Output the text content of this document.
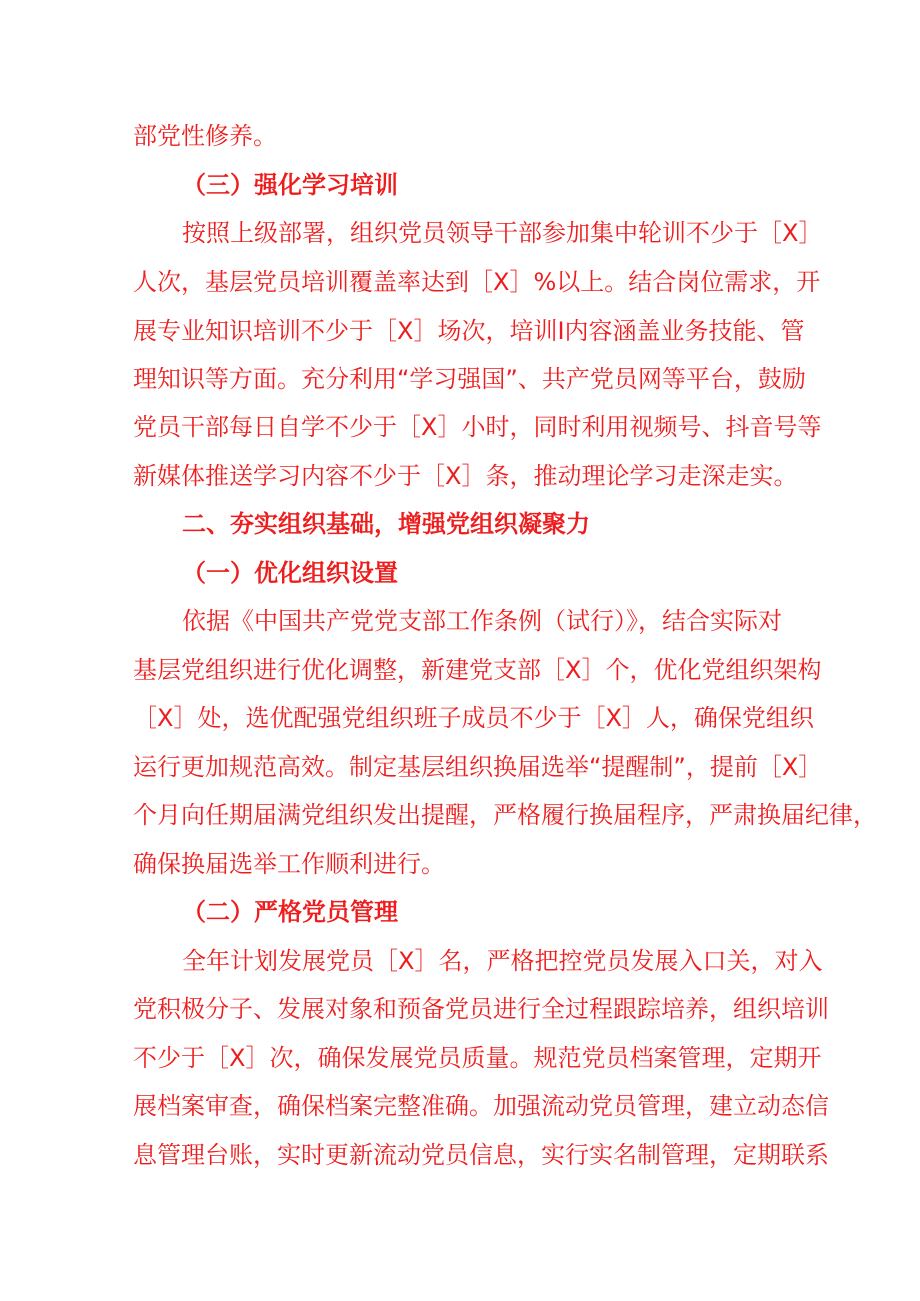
部党性修养。
（三）强化学习培训
按照上级部署，组织党员领导干部参加集中轮训不少于［X］
人次，基层党员培训覆盖率达到［X］%以上。结合岗位需求，开
展专业知识培训不少于［X］场次，培训I内容涵盖业务技能、管
理知识等方面。充分利用“学习强国”、共产党员网等平台，鼓励
党员干部每日自学不少于［X］小时，同时利用视频号、抖音号等
新媒体推送学习内容不少于［X］条，推动理论学习走深走实。
二、夯实组织基础，增强党组织凝聚力
（一）优化组织设置
依据《中国共产党党支部工作条例（试行）》，结合实际对
基层党组织进行优化调整，新建党支部［X］个，优化党组织架构
［X］处，选优配强党组织班子成员不少于［X］人，确保党组织
运行更加规范高效。制定基层组织换届选举“提醒制”，提前［X］
个月向任期届满党组织发出提醒，严格履行换届程序，严肃换届纪律，
确保换届选举工作顺利进行。
（二）严格党员管理
全年计划发展党员［X］名，严格把控党员发展入口关，对入
党积极分子、发展对象和预备党员进行全过程跟踪培养，组织培训
不少于［X］次，确保发展党员质量。规范党员档案管理，定期开
展档案审查，确保档案完整准确。加强流动党员管理，建立动态信
息管理台账，实时更新流动党员信息，实行实名制管理，定期联系
